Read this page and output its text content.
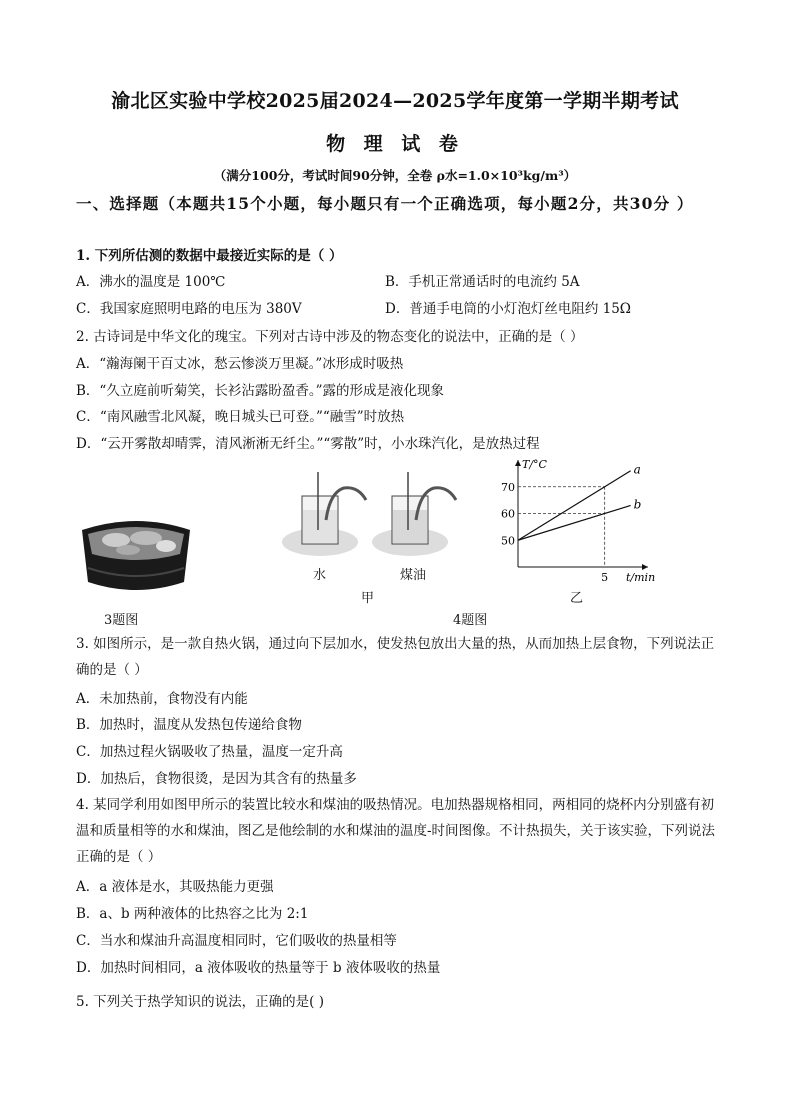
渝北区实验中学校2025届2024—2025学年度第一学期半期考试
物 理 试 卷
（满分100分，考试时间90分钟，全卷 ρ水=1.0×10³kg/m³）
一、选择题（本题共15个小题，每小题只有一个正确选项，每小题2分，共30分 ）
1. 下列所估测的数据中最接近实际的是（ ）
A．沸水的温度是 100℃	B．手机正常通话时的电流约 5A
C．我国家庭照明电路的电压为 380V	D．普通手电筒的小灯泡灯丝电阻约 15Ω
2. 古诗词是中华文化的瑰宝。下列对古诗中涉及的物态变化的说法中，正确的是（ ）
A．“瀚海阑干百丈冰，愁云惨淡万里凝。”冰形成时吸热
B．“久立庭前听菊笑，长衫沾露盼盈香。”露的形成是液化现象
C．“南风融雪北风凝，晚日城头已可登。”“融雪”时放热
D．“云开雾散却晴霁，清风淅淅无纤尘。”“雾散”时，小水珠汽化，是放热过程
水	煤油
甲
a
b
70
60
50
5
T/°C
t/min
乙
3题图	4题图
3. 如图所示，是一款自热火锅，通过向下层加水，使发热包放出大量的热，从而加热上层食物，下列说法正确的是（ ）
A．未加热前，食物没有内能
B．加热时，温度从发热包传递给食物
C．加热过程火锅吸收了热量，温度一定升高
D．加热后，食物很烫，是因为其含有的热量多
4. 某同学利用如图甲所示的装置比较水和煤油的吸热情况。电加热器规格相同，两相同的烧杯内分别盛有初温和质量相等的水和煤油，图乙是他绘制的水和煤油的温度-时间图像。不计热损失，关于该实验，下列说法正确的是（ ）
A．a 液体是水，其吸热能力更强
B．a、b 两种液体的比热容之比为 2:1
C．当水和煤油升高温度相同时，它们吸收的热量相等
D．加热时间相同，a 液体吸收的热量等于 b 液体吸收的热量
5. 下列关于热学知识的说法，正确的是( )
